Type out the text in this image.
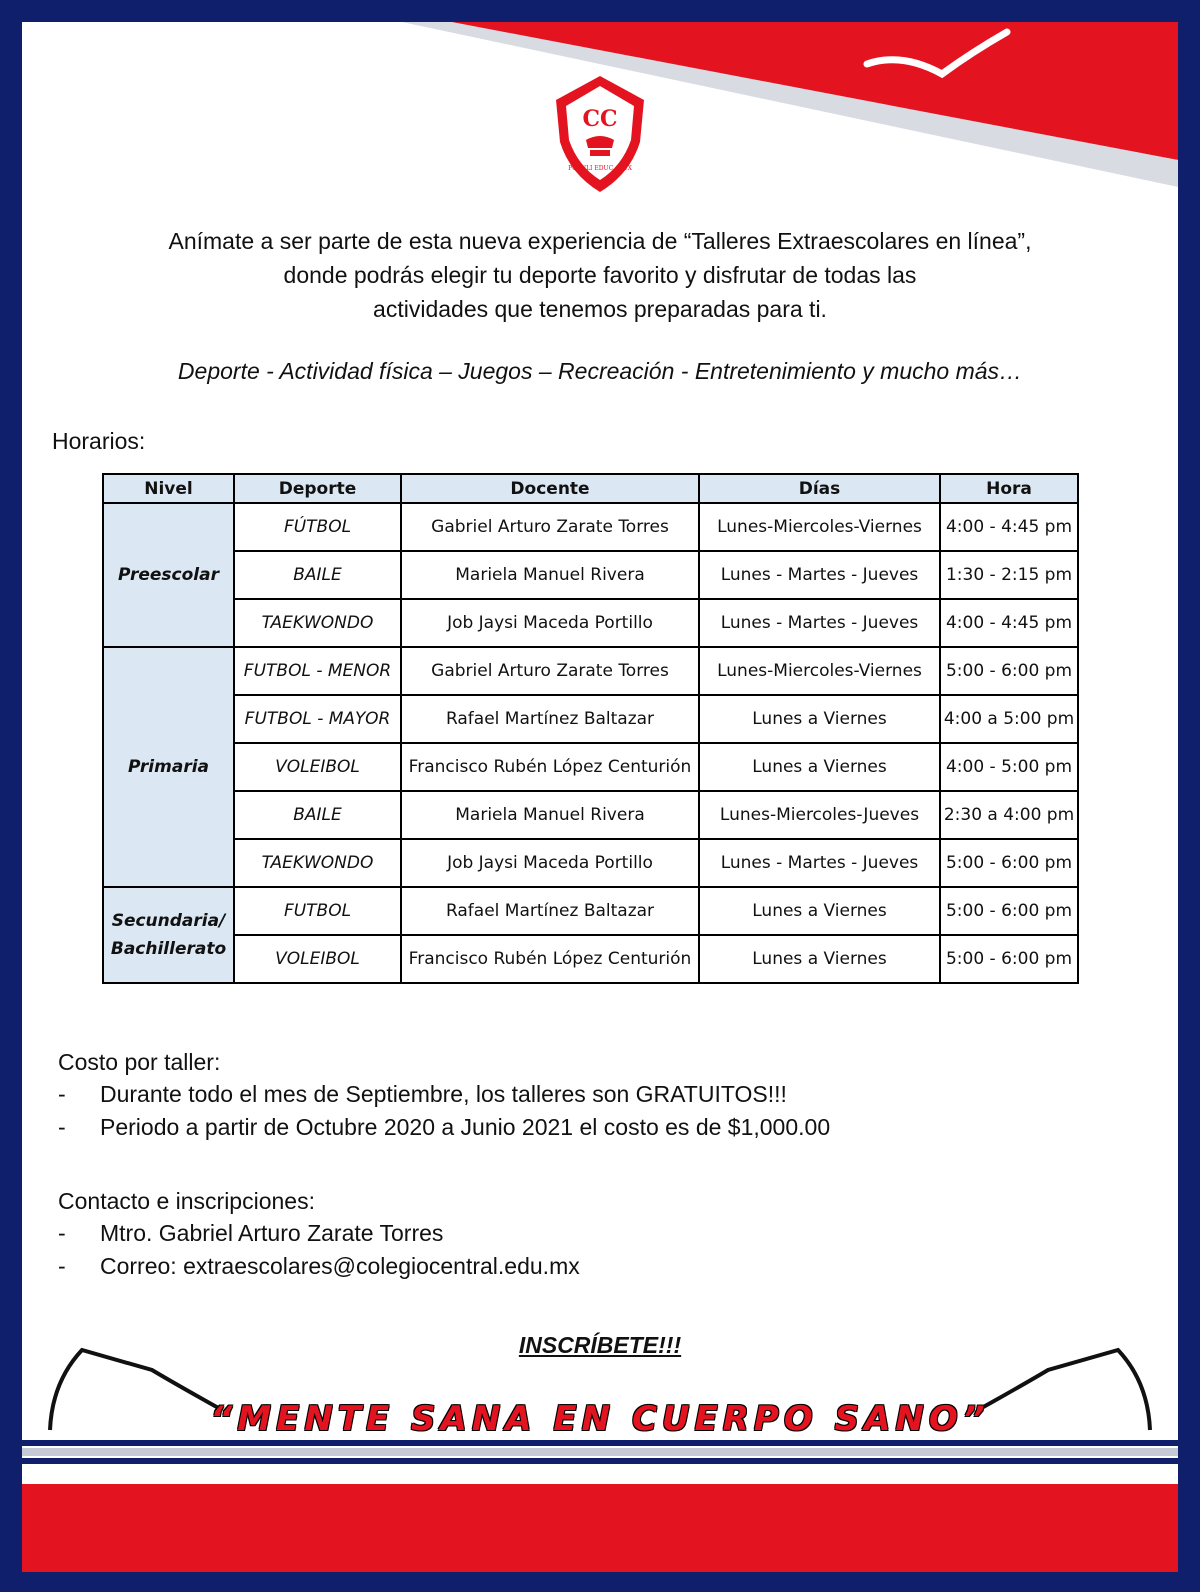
CC
POPULI EDUC · LUX
Anímate a ser parte de esta nueva experiencia de “Talleres Extraescolares en línea”,
donde podrás elegir tu deporte favorito y disfrutar de todas las
actividades que tenemos preparadas para ti.
Deporte - Actividad física – Juegos – Recreación - Entretenimiento y mucho más…
Horarios:
Nivel	Deporte	Docente	Días	Hora
Preescolar	FÚTBOL	Gabriel Arturo Zarate Torres	Lunes-Miercoles-Viernes	4:00 - 4:45 pm
	BAILE	Mariela Manuel Rivera	Lunes - Martes - Jueves	1:30 - 2:15 pm
	TAEKWONDO	Job Jaysi Maceda Portillo	Lunes - Martes - Jueves	4:00 - 4:45 pm
Primaria	FUTBOL - MENOR	Gabriel Arturo Zarate Torres	Lunes-Miercoles-Viernes	5:00 - 6:00 pm
	FUTBOL - MAYOR	Rafael Martínez Baltazar	Lunes a Viernes	4:00 a 5:00 pm
	VOLEIBOL	Francisco Rubén López Centurión	Lunes a Viernes	4:00 - 5:00 pm
	BAILE	Mariela Manuel Rivera	Lunes-Miercoles-Jueves	2:30 a 4:00 pm
	TAEKWONDO	Job Jaysi Maceda Portillo	Lunes - Martes - Jueves	5:00 - 6:00 pm
Secundaria/ Bachillerato	FUTBOL	Rafael Martínez Baltazar	Lunes a Viernes	5:00 - 6:00 pm
	VOLEIBOL	Francisco Rubén López Centurión	Lunes a Viernes	5:00 - 6:00 pm
Costo por taller:
-	Durante todo el mes de Septiembre, los talleres son GRATUITOS!!!
-	Periodo a partir de Octubre 2020 a Junio 2021 el costo es de $1,000.00
Contacto e inscripciones:
-	Mtro. Gabriel Arturo Zarate Torres
-	Correo: extraescolares@colegiocentral.edu.mx
INSCRÍBETE!!!
“MENTE SANA EN CUERPO SANO”
